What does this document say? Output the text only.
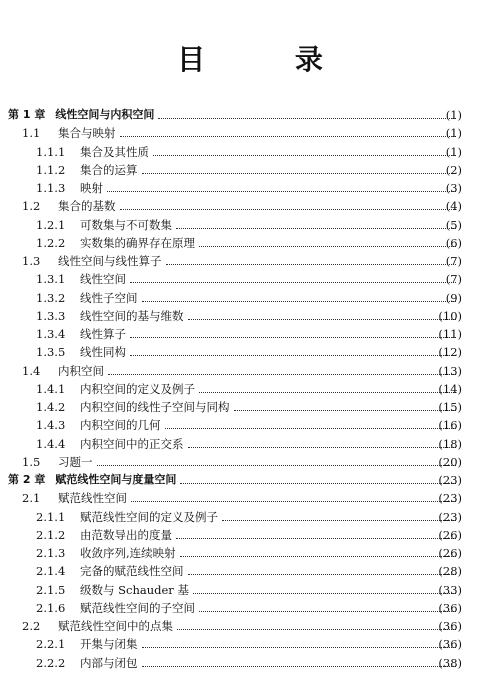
目 录
第 1 章 线性空间与内积空间	(1)
1.1	集合与映射	(1)
1.1.1	集合及其性质	(1)
1.1.2	集合的运算	(2)
1.1.3	映射	(3)
1.2	集合的基数	(4)
1.2.1	可数集与不可数集	(5)
1.2.2	实数集的确界存在原理	(6)
1.3	线性空间与线性算子	(7)
1.3.1	线性空间	(7)
1.3.2	线性子空间	(9)
1.3.3	线性空间的基与维数	(10)
1.3.4	线性算子	(11)
1.3.5	线性同构	(12)
1.4	内积空间	(13)
1.4.1	内积空间的定义及例子	(14)
1.4.2	内积空间的线性子空间与同构	(15)
1.4.3	内积空间的几何	(16)
1.4.4	内积空间中的正交系	(18)
1.5	习题一	(20)
第 2 章 赋范线性空间与度量空间	(23)
2.1	赋范线性空间	(23)
2.1.1	赋范线性空间的定义及例子	(23)
2.1.2	由范数导出的度量	(26)
2.1.3	收敛序列,连续映射	(26)
2.1.4	完备的赋范线性空间	(28)
2.1.5	级数与 Schauder 基	(33)
2.1.6	赋范线性空间的子空间	(36)
2.2	赋范线性空间中的点集	(36)
2.2.1	开集与闭集	(36)
2.2.2	内部与闭包	(38)
